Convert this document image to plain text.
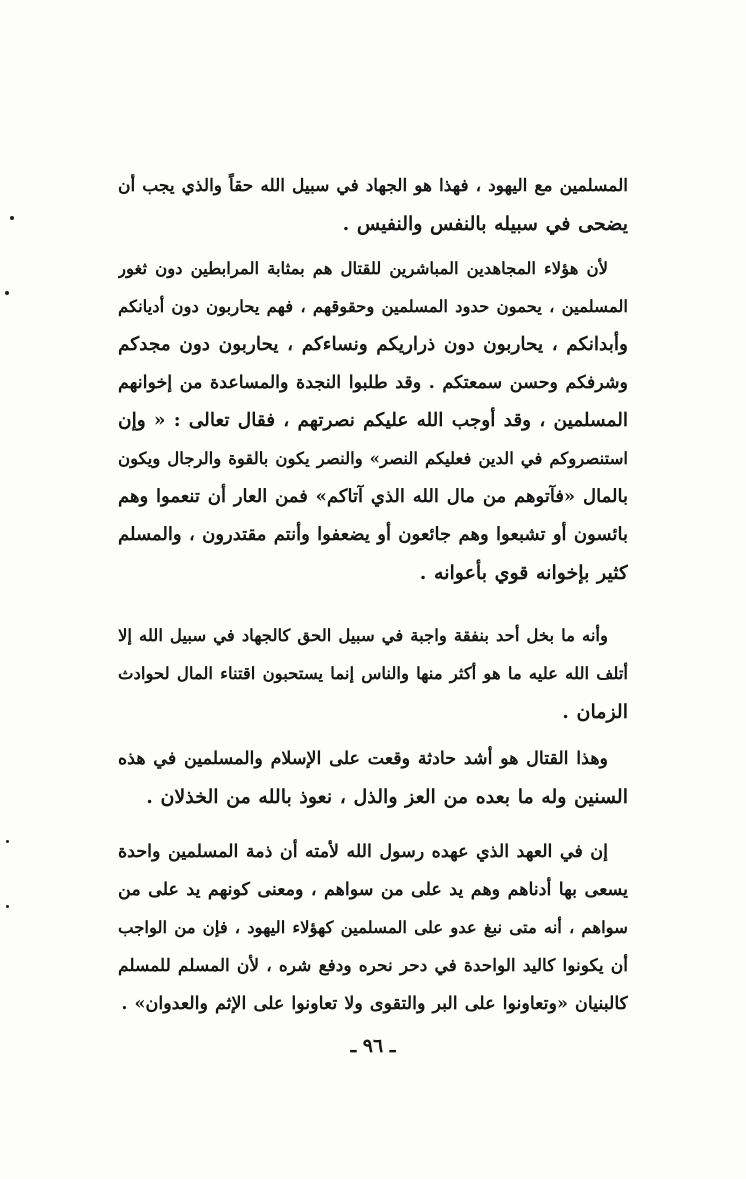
المسلمين مع اليهود ، فهذا هو الجهاد في سبيل الله حقاً والذي يجب أن
يضحى في سبيله بالنفس والنفيس .
لأن هؤلاء المجاهدين المباشرين للقتال هم بمثابة المرابطين دون ثغور
المسلمين ، يحمون حدود المسلمين وحقوقهم ، فهم يحاربون دون أديانكم
وأبدانكم ، يحاربون دون ذراريكم ونساءكم ، يحاربون دون مجدكم
وشرفكم وحسن سمعتكم . وقد طلبوا النجدة والمساعدة من إخوانهم
المسلمين ، وقد أوجب الله عليكم نصرتهم ، فقال تعالى : « وإن
استنصروكم في الدين فعليكم النصر» والنصر يكون بالقوة والرجال ويكون
بالمال «فآتوهم من مال الله الذي آتاكم» فمن العار أن تنعموا وهم
بائسون أو تشبعوا وهم جائعون أو يضعفوا وأنتم مقتدرون ، والمسلم
كثير بإخوانه قوي بأعوانه .
وأنه ما بخل أحد بنفقة واجبة في سبيل الحق كالجهاد في سبيل الله إلا
أتلف الله عليه ما هو أكثر منها والناس إنما يستحبون اقتناء المال لحوادث
الزمان .
وهذا القتال هو أشد حادثة وقعت على الإسلام والمسلمين في هذه
السنين وله ما بعده من العز والذل ، نعوذ بالله من الخذلان .
إن في العهد الذي عهده رسول الله لأمته أن ذمة المسلمين واحدة
يسعى بها أدناهم وهم يد على من سواهم ، ومعنى كونهم يد على من
سواهم ، أنه متى نبغ عدو على المسلمين كهؤلاء اليهود ، فإن من الواجب
أن يكونوا كاليد الواحدة في دحر نحره ودفع شره ، لأن المسلم للمسلم
كالبنيان «وتعاونوا على البر والتقوى ولا تعاونوا على الإثم والعدوان» .
ـ ٩٦ ـ
